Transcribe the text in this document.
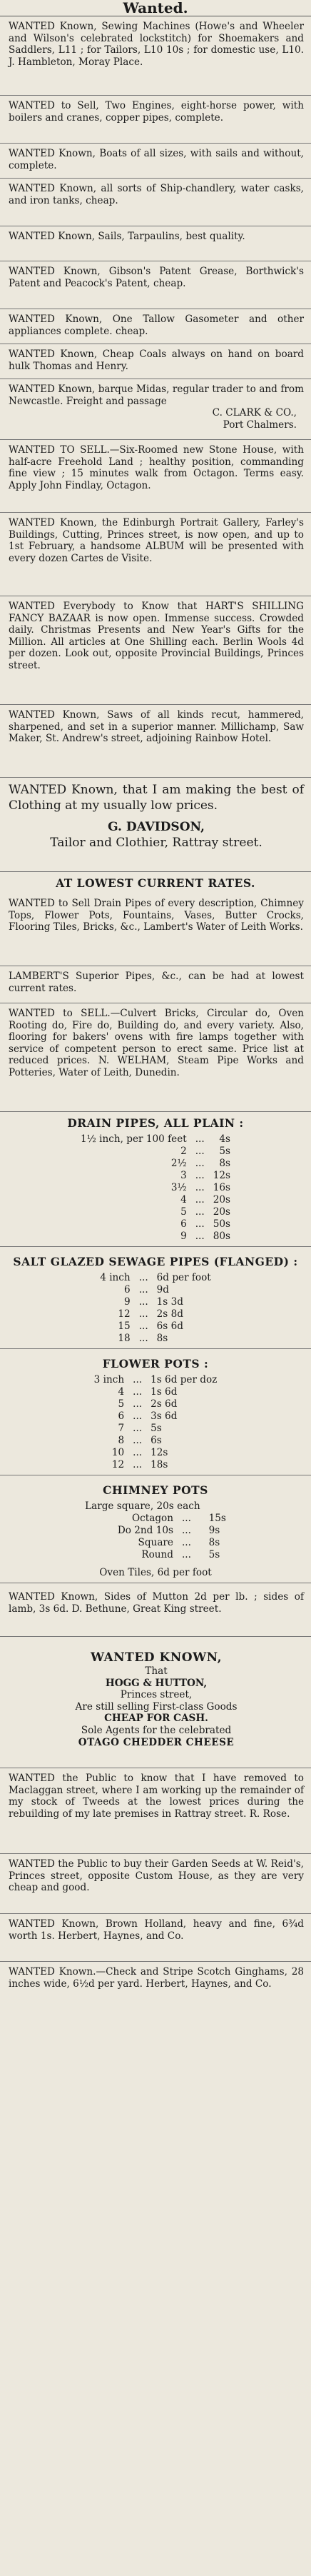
Wanted.

WANTED Known, Sewing Machines (Howe's and Wheeler and Wilson's celebrated lockstitch) for Shoemakers and Saddlers, L11 ; for Tailors, L10 10s ; for domestic use, L10. J. Hambleton, Moray Place.

WANTED to Sell, Two Engines, eight-horse power, with boilers and cranes, copper pipes, complete.

WANTED Known, Boats of all sizes, with sails and without, complete.

WANTED Known, all sorts of Ship-chandlery, water casks, and iron tanks, cheap.

WANTED Known, Sails, Tarpaulins, best quality.

WANTED Known, Gibson's Patent Grease, Borthwick's Patent and Peacock's Patent, cheap.

WANTED Known, One Tallow Gasometer and other appliances complete. cheap.

WANTED Known, Cheap Coals always on hand on board hulk Thomas and Henry.

WANTED Known, barque Midas, regular trader to and from Newcastle. Freight and passage

C. CLARK & CO.,

Port Chalmers.

WANTED TO SELL.—Six-Roomed new Stone House, with half-acre Freehold Land ; healthy position, commanding fine view ; 15 minutes walk from Octagon. Terms easy. Apply John Findlay, Octagon.

WANTED Known, the Edinburgh Portrait Gallery, Farley's Buildings, Cutting, Princes street, is now open, and up to 1st February, a handsome ALBUM will be presented with every dozen Cartes de Visite.

WANTED Everybody to Know that HART'S SHILLING FANCY BAZAAR is now open. Immense success. Crowded daily. Christmas Presents and New Year's Gifts for the Million. All articles at One Shilling each. Berlin Wools 4d per dozen. Look out, opposite Provincial Buildings, Princes street.

WANTED Known, Saws of all kinds recut, hammered, sharpened, and set in a superior manner. Millichamp, Saw Maker, St. Andrew's street, adjoining Rainbow Hotel.

WANTED Known, that I am making the best of Clothing at my usually low prices.

G. DAVIDSON,

Tailor and Clothier, Rattray street.

AT LOWEST CURRENT RATES.

WANTED to Sell Drain Pipes of every description, Chimney Tops, Flower Pots, Fountains, Vases, Butter Crocks, Flooring Tiles, Bricks, &c., Lambert's Water of Leith Works.

LAMBERT'S Superior Pipes, &c., can be had at lowest current rates.

WANTED to SELL.—Culvert Bricks, Circular do, Oven Rooting do, Fire do, Building do, and every variety. Also, flooring for bakers' ovens with fire lamps together with service of competent person to erect same. Price list at reduced prices. N. WELHAM, Steam Pipe Works and Potteries, Water of Leith, Dunedin.

DRAIN PIPES, ALL PLAIN :
1½ inch, per 100 feet	...	4s
2	...	5s
2½	...	8s
3	...	12s
3½	...	16s
4	...	20s
5	...	20s
6	...	50s
9	...	80s
SALT GLAZED SEWAGE PIPES (FLANGED) :
4 inch	...	6d per foot
6	...	9d
9	...	1s 3d
12	...	2s 8d
15	...	6s 6d
18	...	8s
FLOWER POTS :
3 inch	...	1s 6d per doz
4	...	1s 6d
5	...	2s 6d
6	...	3s 6d
7	...	5s
8	...	6s
10	...	12s
12	...	18s
CHIMNEY POTS
Large square, 20s each		
Octagon	...	15s
Do 2nd 10s	...	9s
Square	...	8s
Round	...	5s
Oven Tiles, 6d per foot

WANTED Known, Sides of Mutton 2d per lb. ; sides of lamb, 3s 6d. D. Bethune, Great King street.

WANTED KNOWN,

That

HOGG & HUTTON,

Princes street,

Are still selling First-class Goods

CHEAP FOR CASH.

Sole Agents for the celebrated

OTAGO CHEDDER CHEESE

WANTED the Public to know that I have removed to Maclaggan street, where I am working up the remainder of my stock of Tweeds at the lowest prices during the rebuilding of my late premises in Rattray street. R. Rose.

WANTED the Public to buy their Garden Seeds at W. Reid's, Princes street, opposite Custom House, as they are very cheap and good.

WANTED Known, Brown Holland, heavy and fine, 6¾d worth 1s. Herbert, Haynes, and Co.

WANTED Known.—Check and Stripe Scotch Ginghams, 28 inches wide, 6½d per yard. Herbert, Haynes, and Co.
